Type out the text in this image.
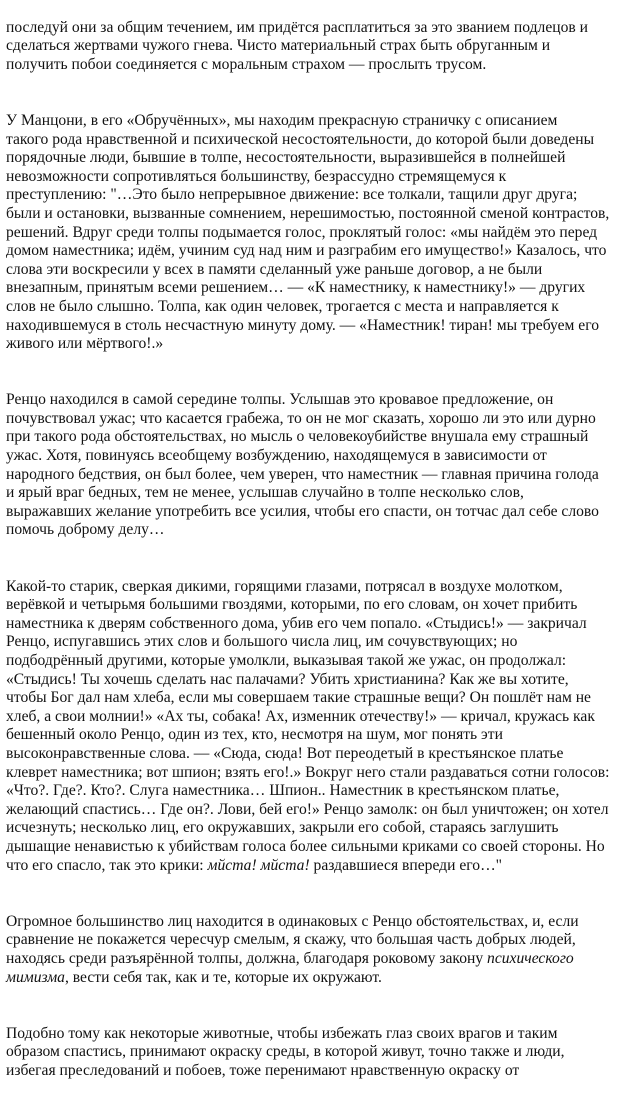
последуй они за общим течением, им придётся расплатиться за это званием подлецов и
сделаться жертвами чужого гнева. Чисто материальный страх быть обруганным и
получить побои соединяется с моральным страхом — прослыть трусом.

У Манцони, в его «Обручённых», мы находим прекрасную страничку с описанием
такого рода нравственной и психической несостоятельности, до которой были доведены
порядочные люди, бывшие в толпе, несостоятельности, выразившейся в полнейшей
невозможности сопротивляться большинству, безрассудно стремящемуся к
преступлению: "…Это было непрерывное движение: все толкали, тащили друг друга;
были и остановки, вызванные сомнением, нерешимостью, постоянной сменой контрастов,
решений. Вдруг среди толпы подымается голос, проклятый голос: «мы найдём это перед
домом наместника; идём, учиним суд над ним и разграбим его имущество!» Казалось, что
слова эти воскресили у всех в памяти сделанный уже раньше договор, а не были
внезапным, принятым всеми решением… — «К наместнику, к наместнику!» — других
слов не было слышно. Толпа, как один человек, трогается с места и направляется к
находившемуся в столь несчастную минуту дому. — «Наместник! тиран! мы требуем его
живого или мёртвого!.»

Ренцо находился в самой середине толпы. Услышав это кровавое предложение, он
почувствовал ужас; что касается грабежа, то он не мог сказать, хорошо ли это или дурно
при такого рода обстоятельствах, но мысль о человекоубийстве внушала ему страшный
ужас. Хотя, повинуясь всеобщему возбуждению, находящемуся в зависимости от
народного бедствия, он был более, чем уверен, что наместник — главная причина голода
и ярый враг бедных, тем не менее, услышав случайно в толпе несколько слов,
выражавших желание употребить все усилия, чтобы его спасти, он тотчас дал себе слово
помочь доброму делу…

Какой-то старик, сверкая дикими, горящими глазами, потрясал в воздухе молотком,
верёвкой и четырьмя большими гвоздями, которыми, по его словам, он хочет прибить
наместника к дверям собственного дома, убив его чем попало. «Стыдись!» — закричал
Ренцо, испугавшись этих слов и большого числа лиц, им сочувствующих; но
подбодрённый другими, которые умолкли, выказывая такой же ужас, он продолжал:
«Стыдись! Ты хочешь сделать нас палачами? Убить христианина? Как же вы хотите,
чтобы Бог дал нам хлеба, если мы совершаем такие страшные вещи? Он пошлёт нам не
хлеб, а свои молнии!» «Ах ты, собака! Ах, изменник отечеству!» — кричал, кружась как
бешенный около Ренцо, один из тех, кто, несмотря на шум, мог понять эти
высоконравственные слова. — «Сюда, сюда! Вот переодетый в крестьянское платье
клеврет наместника; вот шпион; взять его!.» Вокруг него стали раздаваться сотни голосов:
«Что?. Где?. Кто?. Слуга наместника… Шпион.. Наместник в крестьянском платье,
желающий спастись… Где он?. Лови, бей его!» Ренцо замолк: он был уничтожен; он хотел
исчезнуть; несколько лиц, его окружавших, закрыли его собой, стараясь заглушить
дышащие ненавистью к убийствам голоса более сильными криками со своей стороны. Но
что его спасло, так это крики: мйста! мйста! раздавшиеся впереди его…"

Огромное большинство лиц находится в одинаковых с Ренцо обстоятельствах, и, если
сравнение не покажется чересчур смелым, я скажу, что большая часть добрых людей,
находясь среди разъярённой толпы, должна, благодаря роковому закону психического
мимизма, вести себя так, как и те, которые их окружают.

Подобно тому как некоторые животные, чтобы избежать глаз своих врагов и таким
образом спастись, принимают окраску среды, в которой живут, точно также и люди,
избегая преследований и побоев, тоже перенимают нравственную окраску от
